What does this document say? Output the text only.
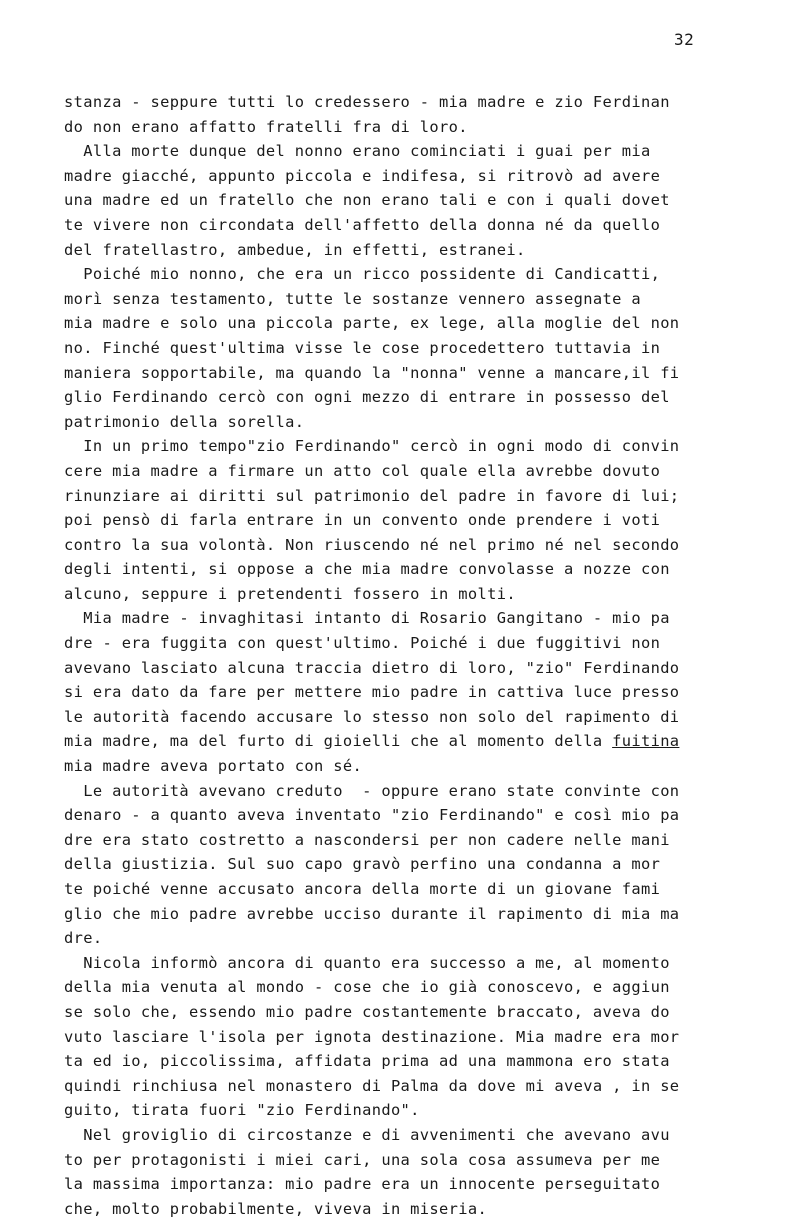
32
stanza - seppure tutti lo credessero - mia madre e zio Ferdinan
do non erano affatto fratelli fra di loro.
Alla morte dunque del nonno erano cominciati i guai per mia
madre giacché, appunto piccola e indifesa, si ritrovò ad avere
una madre ed un fratello che non erano tali e con i quali dovet
te vivere non circondata dell'affetto della donna né da quello
del fratellastro, ambedue, in effetti, estranei.
Poiché mio nonno, che era un ricco possidente di Candicatti,
morì senza testamento, tutte le sostanze vennero assegnate a
mia madre e solo una piccola parte, ex lege, alla moglie del non
no. Finché quest'ultima visse le cose procedettero tuttavia in
maniera sopportabile, ma quando la "nonna" venne a mancare,il fi
glio Ferdinando cercò con ogni mezzo di entrare in possesso del
patrimonio della sorella.
In un primo tempo"zio Ferdinando" cercò in ogni modo di convin
cere mia madre a firmare un atto col quale ella avrebbe dovuto
rinunziare ai diritti sul patrimonio del padre in favore di lui;
poi pensò di farla entrare in un convento onde prendere i voti
contro la sua volontà. Non riuscendo né nel primo né nel secondo
degli intenti, si oppose a che mia madre convolasse a nozze con
alcuno, seppure i pretendenti fossero in molti.
Mia madre - invaghitasi intanto di Rosario Gangitano - mio pa
dre - era fuggita con quest'ultimo. Poiché i due fuggitivi non
avevano lasciato alcuna traccia dietro di loro, "zio" Ferdinando
si era dato da fare per mettere mio padre in cattiva luce presso
le autorità facendo accusare lo stesso non solo del rapimento di
mia madre, ma del furto di gioielli che al momento della fuitina
mia madre aveva portato con sé.
Le autorità avevano creduto  - oppure erano state convinte con
denaro - a quanto aveva inventato "zio Ferdinando" e così mio pa
dre era stato costretto a nascondersi per non cadere nelle mani
della giustizia. Sul suo capo gravò perfino una condanna a mor
te poiché venne accusato ancora della morte di un giovane fami
glio che mio padre avrebbe ucciso durante il rapimento di mia ma
dre.
Nicola informò ancora di quanto era successo a me, al momento
della mia venuta al mondo - cose che io già conoscevo, e aggiun
se solo che, essendo mio padre costantemente braccato, aveva do
vuto lasciare l'isola per ignota destinazione. Mia madre era mor
ta ed io, piccolissima, affidata prima ad una mammona ero stata
quindi rinchiusa nel monastero di Palma da dove mi aveva , in se
guito, tirata fuori "zio Ferdinando".
Nel groviglio di circostanze e di avvenimenti che avevano avu
to per protagonisti i miei cari, una sola cosa assumeva per me
la massima importanza: mio padre era un innocente perseguitato
che, molto probabilmente, viveva in miseria.
